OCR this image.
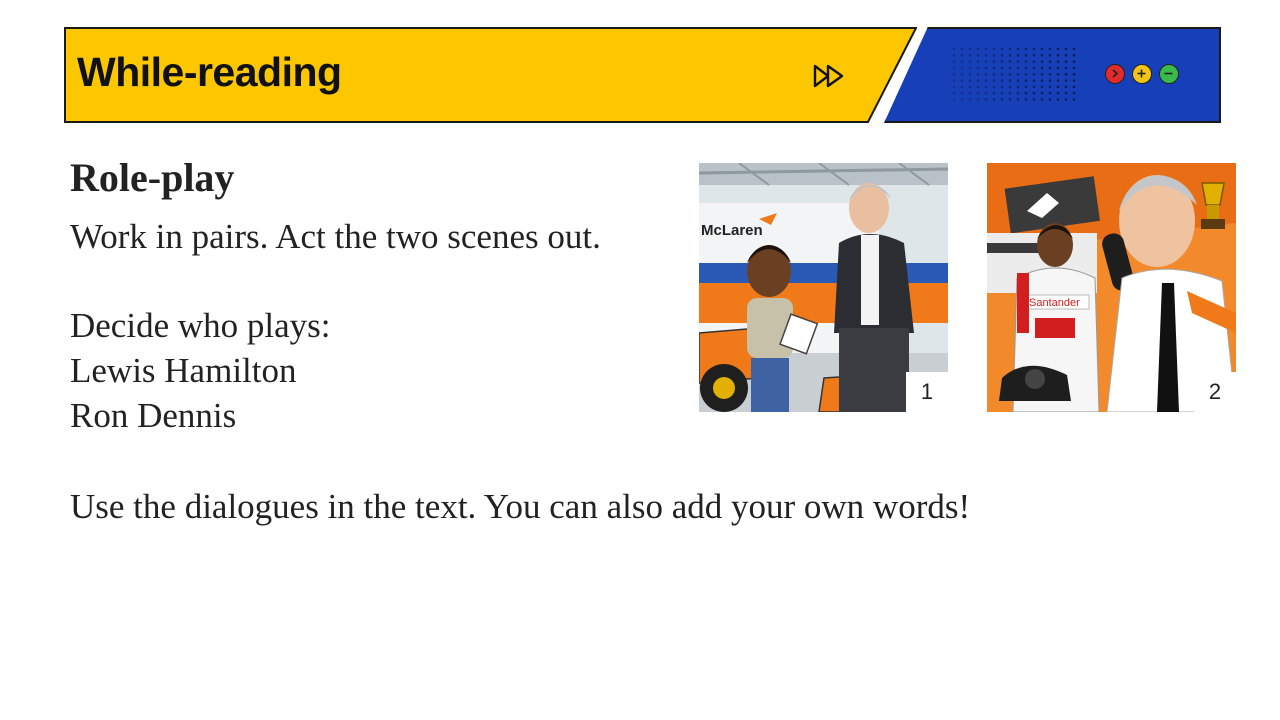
While-reading
Role-play
Work in pairs. Act the two scenes out.
Decide who plays:
Lewis Hamilton
Ron Dennis
Use the dialogues in the text. You can also add your own words!
McLaren
1
Santander
2
